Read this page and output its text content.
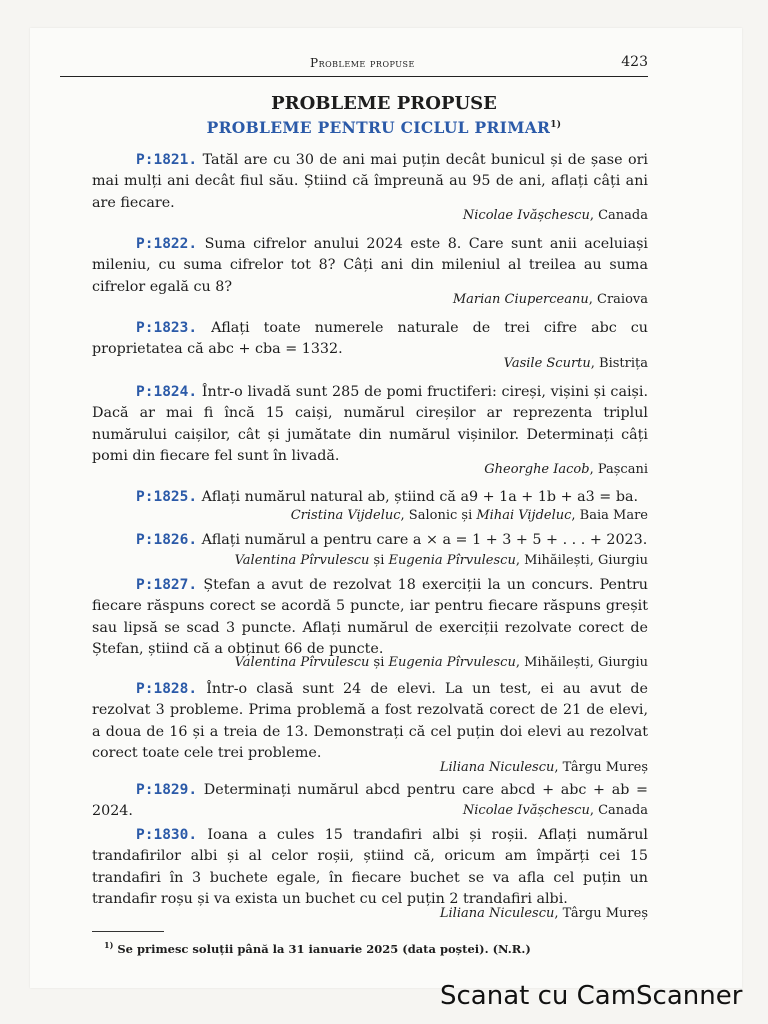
Probleme propuse	423
PROBLEME PROPUSE
PROBLEME PENTRU CICLUL PRIMAR$^{1)}$
P:1821. Tatăl are cu 30 de ani mai puțin decât bunicul și de șase ori mai mulți ani decât fiul său. Știind că împreună au 95 de ani, aflați câți ani are fiecare.
Nicolae Ivășchescu, Canada
P:1822. Suma cifrelor anului 2024 este 8. Care sunt anii aceluiași mileniu, cu suma cifrelor tot 8? Câți ani din mileniul al treilea au suma cifrelor egală cu 8?
Marian Ciuperceanu, Craiova
P:1823. Aflați toate numerele naturale de trei cifre abc cu proprietatea că abc + cba = 1332.
Vasile Scurtu, Bistrița
P:1824. Într-o livadă sunt 285 de pomi fructiferi: cireși, vișini și caiși. Dacă ar mai fi încă 15 caiși, numărul cireșilor ar reprezenta triplul numărului caișilor, cât și jumătate din numărul vișinilor. Determinați câți pomi din fiecare fel sunt în livadă.
Gheorghe Iacob, Pașcani
P:1825. Aflați numărul natural ab, știind că a9 + 1a + 1b + a3 = ba.
Cristina Vijdeluc, Salonic și Mihai Vijdeluc, Baia Mare
P:1826. Aflați numărul a pentru care a × a = 1 + 3 + 5 + . . . + 2023.
Valentina Pîrvulescu și Eugenia Pîrvulescu, Mihăilești, Giurgiu
P:1827. Ștefan a avut de rezolvat 18 exerciții la un concurs. Pentru fiecare răspuns corect se acordă 5 puncte, iar pentru fiecare răspuns greșit sau lipsă se scad 3 puncte. Aflați numărul de exerciții rezolvate corect de Ștefan, știind că a obținut 66 de puncte.
Valentina Pîrvulescu și Eugenia Pîrvulescu, Mihăilești, Giurgiu
P:1828. Într-o clasă sunt 24 de elevi. La un test, ei au avut de rezolvat 3 probleme. Prima problemă a fost rezolvată corect de 21 de elevi, a doua de 16 și a treia de 13. Demonstrați că cel puțin doi elevi au rezolvat corect toate cele trei probleme.
Liliana Niculescu, Târgu Mureș
P:1829. Determinați numărul abcd pentru care abcd + abc + ab = 2024.	Nicolae Ivășchescu, Canada
P:1830. Ioana a cules 15 trandafiri albi și roșii. Aflați numărul trandafirilor albi și al celor roșii, știind că, oricum am împărți cei 15 trandafiri în 3 buchete egale, în fiecare buchet se va afla cel puțin un trandafir roșu și va exista un buchet cu cel puțin 2 trandafiri albi.
Liliana Niculescu, Târgu Mureș
$^{1)}$ Se primesc soluții până la 31 ianuarie 2025 (data poștei). (N.R.)
Scanat cu CamScanner
